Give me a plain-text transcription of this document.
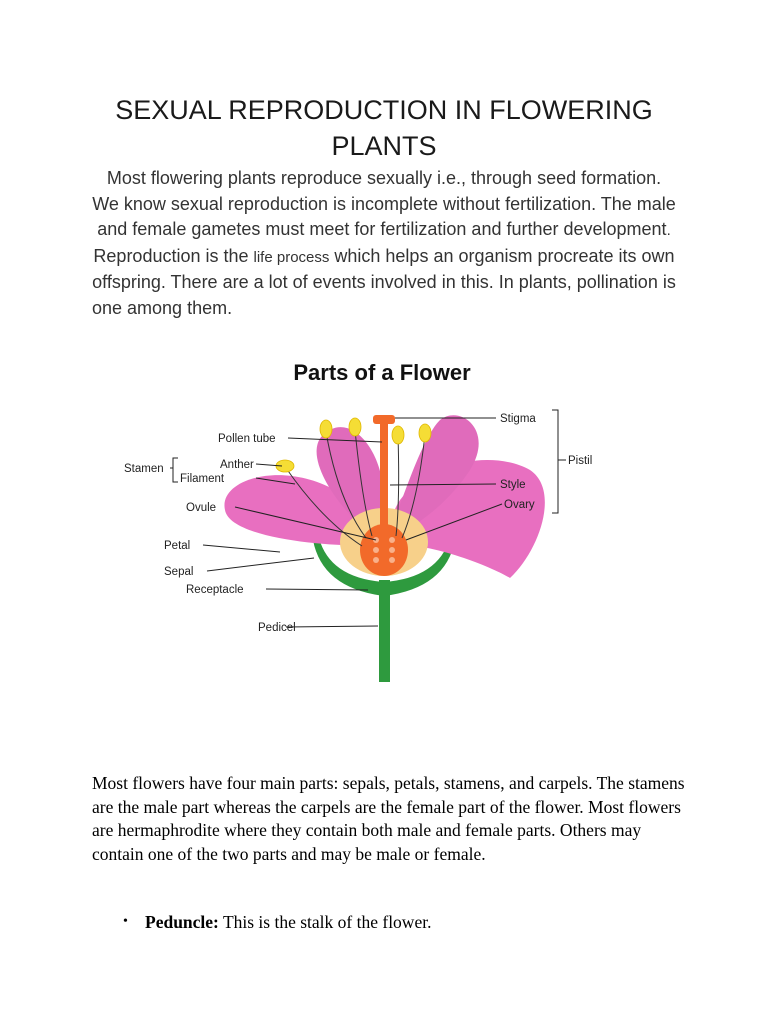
SEXUAL REPRODUCTION IN FLOWERING PLANTS

Most flowering plants reproduce sexually i.e., through seed formation. We know sexual reproduction is incomplete without fertilization. The male and female gametes must meet for fertilization and further development. Reproduction is the life process which helps an organism procreate its own offspring. There are a lot of events involved in this. In plants, pollination is
one among them.

Parts of a Flower
Stigma
Pistil
Style
Ovary
Pollen tube
Stamen	Anther
Filament
Ovule
Petal
Sepal
Receptacle
Pedicel

Most flowers have four main parts: sepals, petals, stamens, and carpels. The stamens are the male part whereas the carpels are the female part of the flower. Most flowers are hermaphrodite where they contain both male and female parts. Others may contain one of the two parts and may be male or female.

• Peduncle: This is the stalk of the flower.
